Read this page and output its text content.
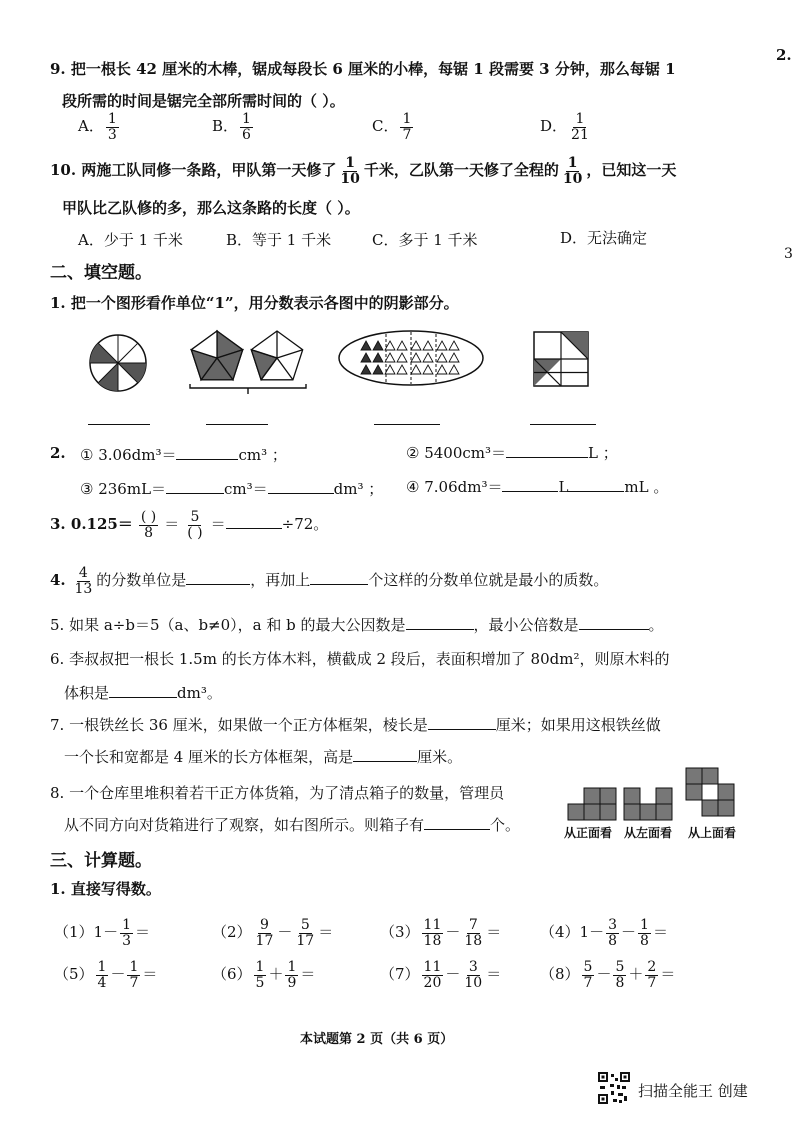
2.
3
9. 把一根长 42 厘米的木棒，锯成每段长 6 厘米的小棒，每锯 1 段需要 3 分钟，那么每锯 1
段所需的时间是锯完全部所需时间的（ ）。
A． $\frac{1}{3}$	B． $\frac{1}{6}$	C． $\frac{1}{7}$	D． $\frac{1}{21}$
10. 两施工队同修一条路，甲队第一天修了 $\frac{1}{10}$ 千米，乙队第一天修了全程的 $\frac{1}{10}$ ，已知这一天
甲队比乙队修的多，那么这条路的长度（ ）。
A．少于 1 千米	B．等于 1 千米	C．多于 1 千米	D．无法确定
二、填空题。
1. 把一个图形看作单位“1”，用分数表示各图中的阴影部分。
2. ① 3.06dm³＝	cm³ ；	② 5400cm³＝	L ；
③ 236mL＝	cm³＝	dm³ ； ④ 7.06dm³＝	L	mL 。
3. $0.125= \frac{( )}{8} = \frac{5}{( )}$ ＝	÷72。
4. $\frac{4}{13}$ 的分数单位是	，再加上	个这样的分数单位就是最小的质数。
5. 如果 a÷b＝5（a、b≠0），a 和 b 的最大公因数是	，最小公倍数是	。
6. 李叔叔把一根长 1.5m 的长方体木料，横截成 2 段后，表面积增加了 80dm²，则原木料的
体积是	dm³。
7. 一根铁丝长 36 厘米，如果做一个正方体框架，棱长是	厘米；如果用这根铁丝做
一个长和宽都是 4 厘米的长方体框架，高是	厘米。
8. 一个仓库里堆积着若干正方体货箱，为了清点箱子的数量，管理员
从不同方向对货箱进行了观察，如右图所示。则箱子有	个。	从正面看 从左面看 从上面看
三、计算题。
1. 直接写得数。
$(1)1- \frac{1}{3}$ ＝	$(2) \frac{9}{17} - \frac{5}{17}$ ＝	$(3) \frac{11}{18} - \frac{7}{18}$ ＝	$(4)1- \frac{3}{8} - \frac{1}{8}$ ＝
$(5) \frac{1}{4} - \frac{1}{7}$ ＝	$(6) \frac{1}{5} + \frac{1}{9}$ ＝	$(7) \frac{11}{20} - \frac{3}{10}$ ＝	$(8) \frac{5}{7} - \frac{5}{8} + \frac{2}{7}$ ＝
本试题第 2 页（共 6 页）
扫描全能王 创建
